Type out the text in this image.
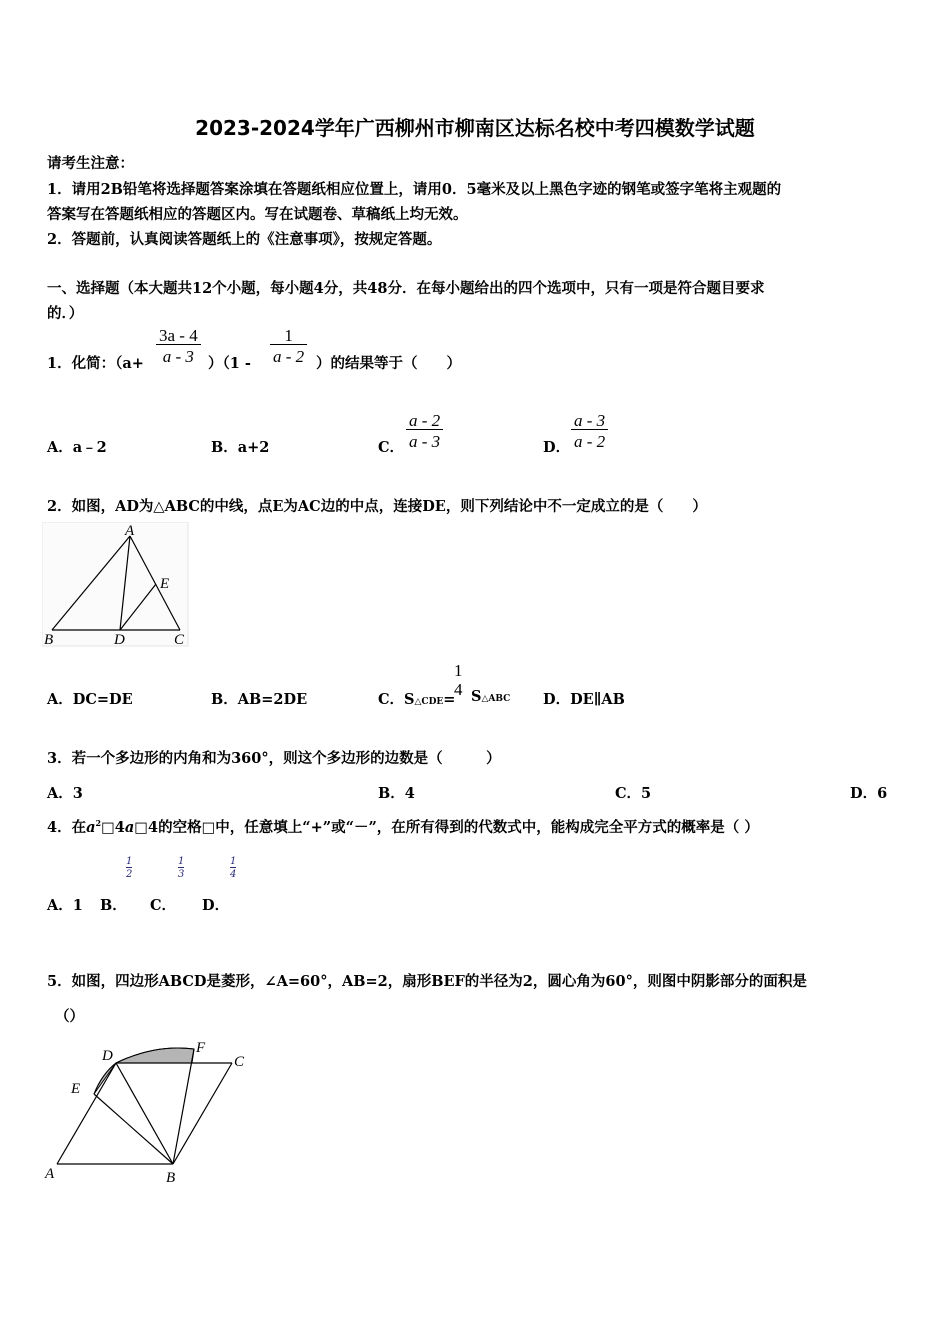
2023-2024学年广西柳州市柳南区达标名校中考四模数学试题
请考生注意：
1．请用2B铅笔将选择题答案涂填在答题纸相应位置上，请用0．5毫米及以上黑色字迹的钢笔或签字笔将主观题的
答案写在答题纸相应的答题区内。写在试题卷、草稿纸上均无效。
2．答题前，认真阅读答题纸上的《注意事项》，按规定答题。
一、选择题（本大题共12个小题，每小题4分，共48分．在每小题给出的四个选项中，只有一项是符合题目要求
的．）
1．化简：$(a+ \frac{3a - 4}{a - 3} )(1 - \frac{1}{a - 2}$ ）的结果等于（　　）
A．a﹣2	B．a+2	C． $\frac{a - 2}{a - 3}$	D． $\frac{a - 3}{a - 2}$
2．如图，AD为△ABC的中线，点E为AC边的中点，连接DE，则下列结论中不一定成立的是（　　）
A
B	D	C
E
A．DC=DE	B．AB=2DE	C．S△CDE=
1
4 S△ABC D．DE∥AB
3．若一个多边形的内角和为360°，则这个多边形的边数是（　　　）
A．3	B．4	C．5	D．6
4．在$a^2□4a□4$的空格□中，任意填上“+”或“－”，在所有得到的代数式中，能构成完全平方式的概率是（ ）
$\frac{1}{2}$	$\frac{1}{3}$	$\frac{1}{4}$
A．1 B． C． D．
5．如图，四边形ABCD是菱形，∠A=60°，AB=2，扇形BEF的半径为2，圆心角为60°，则图中阴影部分的面积是
（）
D	F
C
E
A	B
